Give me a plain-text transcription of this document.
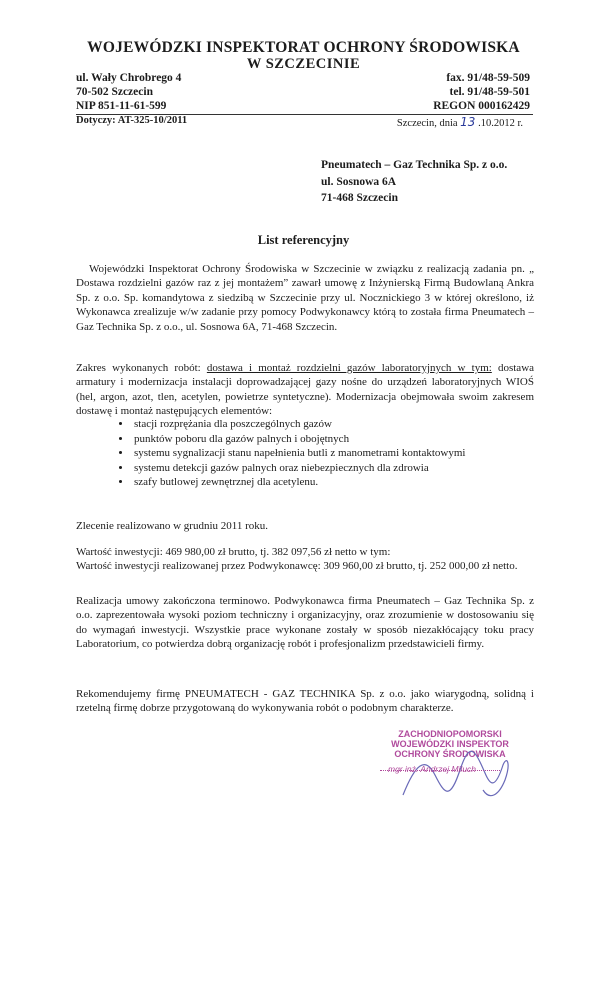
WOJEWÓDZKI INSPEKTORAT OCHRONY ŚRODOWISKA
W SZCZECINIE
ul. Wały Chrobrego 4
70-502 Szczecin
NIP 851-11-61-599
fax. 91/48-59-509
tel. 91/48-59-501
REGON 000162429
Dotyczy: AT-325-10/2011	Szczecin, dnia 13 .10.2012 r.
Pneumatech – Gaz Technika Sp. z o.o.
ul. Sosnowa 6A
71-468 Szczecin
List referencyjny
Wojewódzki Inspektorat Ochrony Środowiska w Szczecinie w związku z realizacją zadania pn. „ Dostawa rozdzielni gazów raz z jej montażem” zawarł umowę z Inżynierską Firmą Budowlaną Ankra Sp. z o.o. Sp. komandytowa z siedzibą w Szczecinie przy ul. Nocznickiego 3 w której określono, iż Wykonawca zrealizuje w/w zadanie przy pomocy Podwykonawcy którą to została firma Pneumatech – Gaz Technika Sp. z o.o., ul. Sosnowa 6A, 71-468 Szczecin.
Zakres wykonanych robót: dostawa i montaż rozdzielni gazów laboratoryjnych w tym: dostawa armatury i modernizacja instalacji doprowadzającej gazy nośne do urządzeń laboratoryjnych WIOŚ (hel, argon, azot, tlen, acetylen, powietrze syntetyczne). Modernizacja obejmowała swoim zakresem dostawę i montaż następujących elementów:
• stacji rozprężania dla poszczególnych gazów
• punktów poboru dla gazów palnych i obojętnych
• systemu sygnalizacji stanu napełnienia butli z manometrami kontaktowymi
• systemu detekcji gazów palnych oraz niebezpiecznych dla zdrowia
• szafy butlowej zewnętrznej dla acetylenu.
Zlecenie realizowano w grudniu 2011 roku.
Wartość inwestycji: 469 980,00 zł brutto, tj. 382 097,56 zł netto w tym:
Wartość inwestycji realizowanej przez Podwykonawcę: 309 960,00 zł brutto, tj. 252 000,00 zł netto.
Realizacja umowy zakończona terminowo. Podwykonawca firma Pneumatech – Gaz Technika Sp. z o.o. zaprezentowała wysoki poziom techniczny i organizacyjny, oraz zrozumienie w dostosowaniu się do wymagań inwestycji. Wszystkie prace wykonane zostały w sposób niezakłócający toku pracy Laboratorium, co potwierdza dobrą organizację robót i profesjonalizm przedstawicieli firmy.
Rekomendujemy firmę PNEUMATECH - GAZ TECHNIKA Sp. z o.o. jako wiarygodną, solidną i rzetelną firmę dobrze przygotowaną do wykonywania robót o podobnym charakterze.
ZACHODNIOPOMORSKI
WOJEWÓDZKI INSPEKTOR
OCHRONY ŚRODOWISKA
mgr inż. Andrzej Miluch
